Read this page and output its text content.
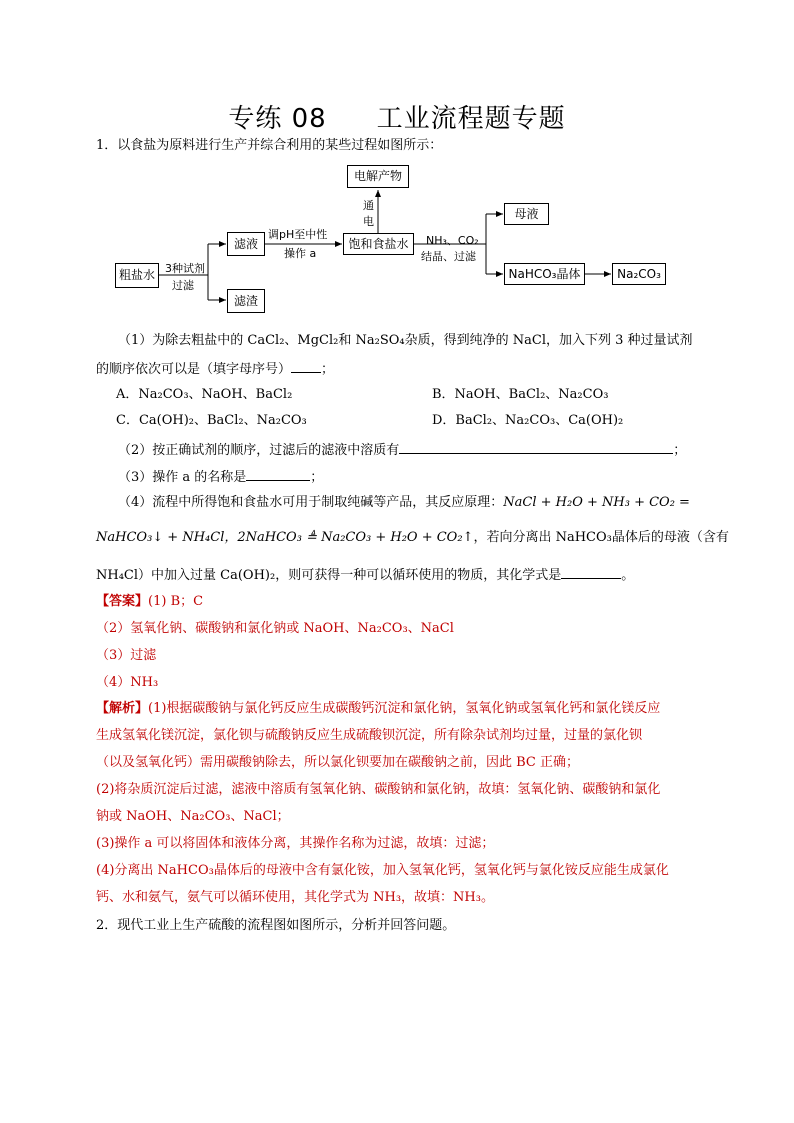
专练 08 工业流程题专题
1．以食盐为原料进行生产并综合利用的某些过程如图所示：
粗盐水 3种试剂
过滤
滤液
滤渣
调pH至中性
操作 a
饱和食盐水
通电
电解产物
NH₃、CO₂
结晶、过滤
母液
NaHCO₃晶体	Na₂CO₃
（1）为除去粗盐中的 CaCl₂、MgCl₂和 Na₂SO₄杂质，得到纯净的 NaCl，加入下列 3 种过量试剂
的顺序依次可以是（填字母序号） ；
A．Na₂CO₃、NaOH、BaCl₂	B．NaOH、BaCl₂、Na₂CO₃
C．Ca(OH)₂、BaCl₂、Na₂CO₃	D．BaCl₂、Na₂CO₃、Ca(OH)₂
（2）按正确试剂的顺序，过滤后的滤液中溶质有	；
（3）操作 a 的名称是	；
（4）流程中所得饱和食盐水可用于制取纯碱等产品，其反应原理：NaCl + H₂O + NH₃ + CO₂ =
NaHCO₃↓ + NH₄Cl，2NaHCO₃ ≜ Na₂CO₃ + H₂O + CO₂↑，若向分离出 NaHCO₃晶体后的母液（含有
NH₄Cl）中加入过量 Ca(OH)₂，则可获得一种可以循环使用的物质，其化学式是	。
【答案】(1) B；C
（2）氢氧化钠、碳酸钠和氯化钠或 NaOH、Na₂CO₃、NaCl
（3）过滤
（4）NH₃
【解析】(1)根据碳酸钠与氯化钙反应生成碳酸钙沉淀和氯化钠，氢氧化钠或氢氧化钙和氯化镁反应
生成氢氧化镁沉淀，氯化钡与硫酸钠反应生成硫酸钡沉淀，所有除杂试剂均过量，过量的氯化钡
（以及氢氧化钙）需用碳酸钠除去，所以氯化钡要加在碳酸钠之前，因此 BC 正确；
(2)将杂质沉淀后过滤，滤液中溶质有氢氧化钠、碳酸钠和氯化钠，故填：氢氧化钠、碳酸钠和氯化
钠或 NaOH、Na₂CO₃、NaCl；
(3)操作 a 可以将固体和液体分离，其操作名称为过滤，故填：过滤；
(4)分离出 NaHCO₃晶体后的母液中含有氯化铵，加入氢氧化钙，氢氧化钙与氯化铵反应能生成氯化
钙、水和氨气，氨气可以循环使用，其化学式为 NH₃，故填：NH₃。
2．现代工业上生产硫酸的流程图如图所示，分析并回答问题。
